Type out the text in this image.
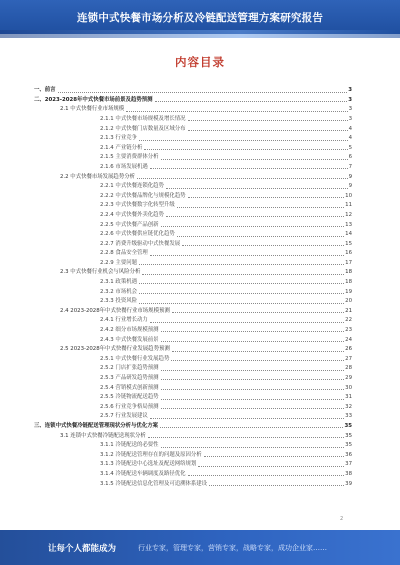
连锁中式快餐市场分析及冷链配送管理方案研究报告
内容目录
一、前言	3
二、2023-2028年中式快餐市场前景及趋势预测	3
2.1 中式快餐行业市场规模	3
2.1.1 中式快餐市场规模及增长情况	3
2.1.2 中式快餐门店数量及区域分布	4
2.1.3 行业竞争	4
2.1.4 产业链分析	5
2.1.5 主要消费群体分析	6
2.1.6 市场发展机遇	7
2.2 中式快餐市场发展趋势分析	9
2.2.1 中式快餐连锁化趋势	9
2.2.2 中式快餐品牌化与规模化趋势	10
2.2.3 中式快餐数字化转型升级	11
2.2.4 中式快餐外卖化趋势	12
2.2.5 中式快餐产品创新	13
2.2.6 中式快餐供应链优化趋势	14
2.2.7 消费升级驱动中式快餐发展	15
2.2.8 食品安全管理	16
2.2.9 主要问题	17
2.3 中式快餐行业机会与风险分析	18
2.3.1 政策机遇	18
2.3.2 市场机会	19
2.3.3 投资风险	20
2.4 2023-2028年中式快餐行业市场规模预测	21
2.4.1 行业增长动力	22
2.4.2 细分市场规模预测	23
2.4.3 中式快餐发展前景	24
2.5 2023-2028年中式快餐行业发展趋势预测	26
2.5.1 中式快餐行业发展趋势	27
2.5.2 门店扩张趋势预测	28
2.5.3 产品研发趋势预测	29
2.5.4 营销模式创新预测	30
2.5.5 冷链物流配送趋势	31
2.5.6 行业竞争格局预测	32
2.5.7 行业发展建议	33
三、连锁中式快餐冷链配送管理现状分析与优化方案	35
3.1 连锁中式快餐冷链配送现状分析	35
3.1.1 冷链配送的必要性	35
3.1.2 冷链配送管理存在的问题及原因分析	36
3.1.3 冷链配送中心选址及配送网络规划	37
3.1.4 冷链配送车辆调度及路径优化	38
3.1.5 冷链配送信息化管理及可追溯体系建设	39
2
让每个人都能成为	行业专家，管理专家，营销专家，战略专家，成功企业家……
